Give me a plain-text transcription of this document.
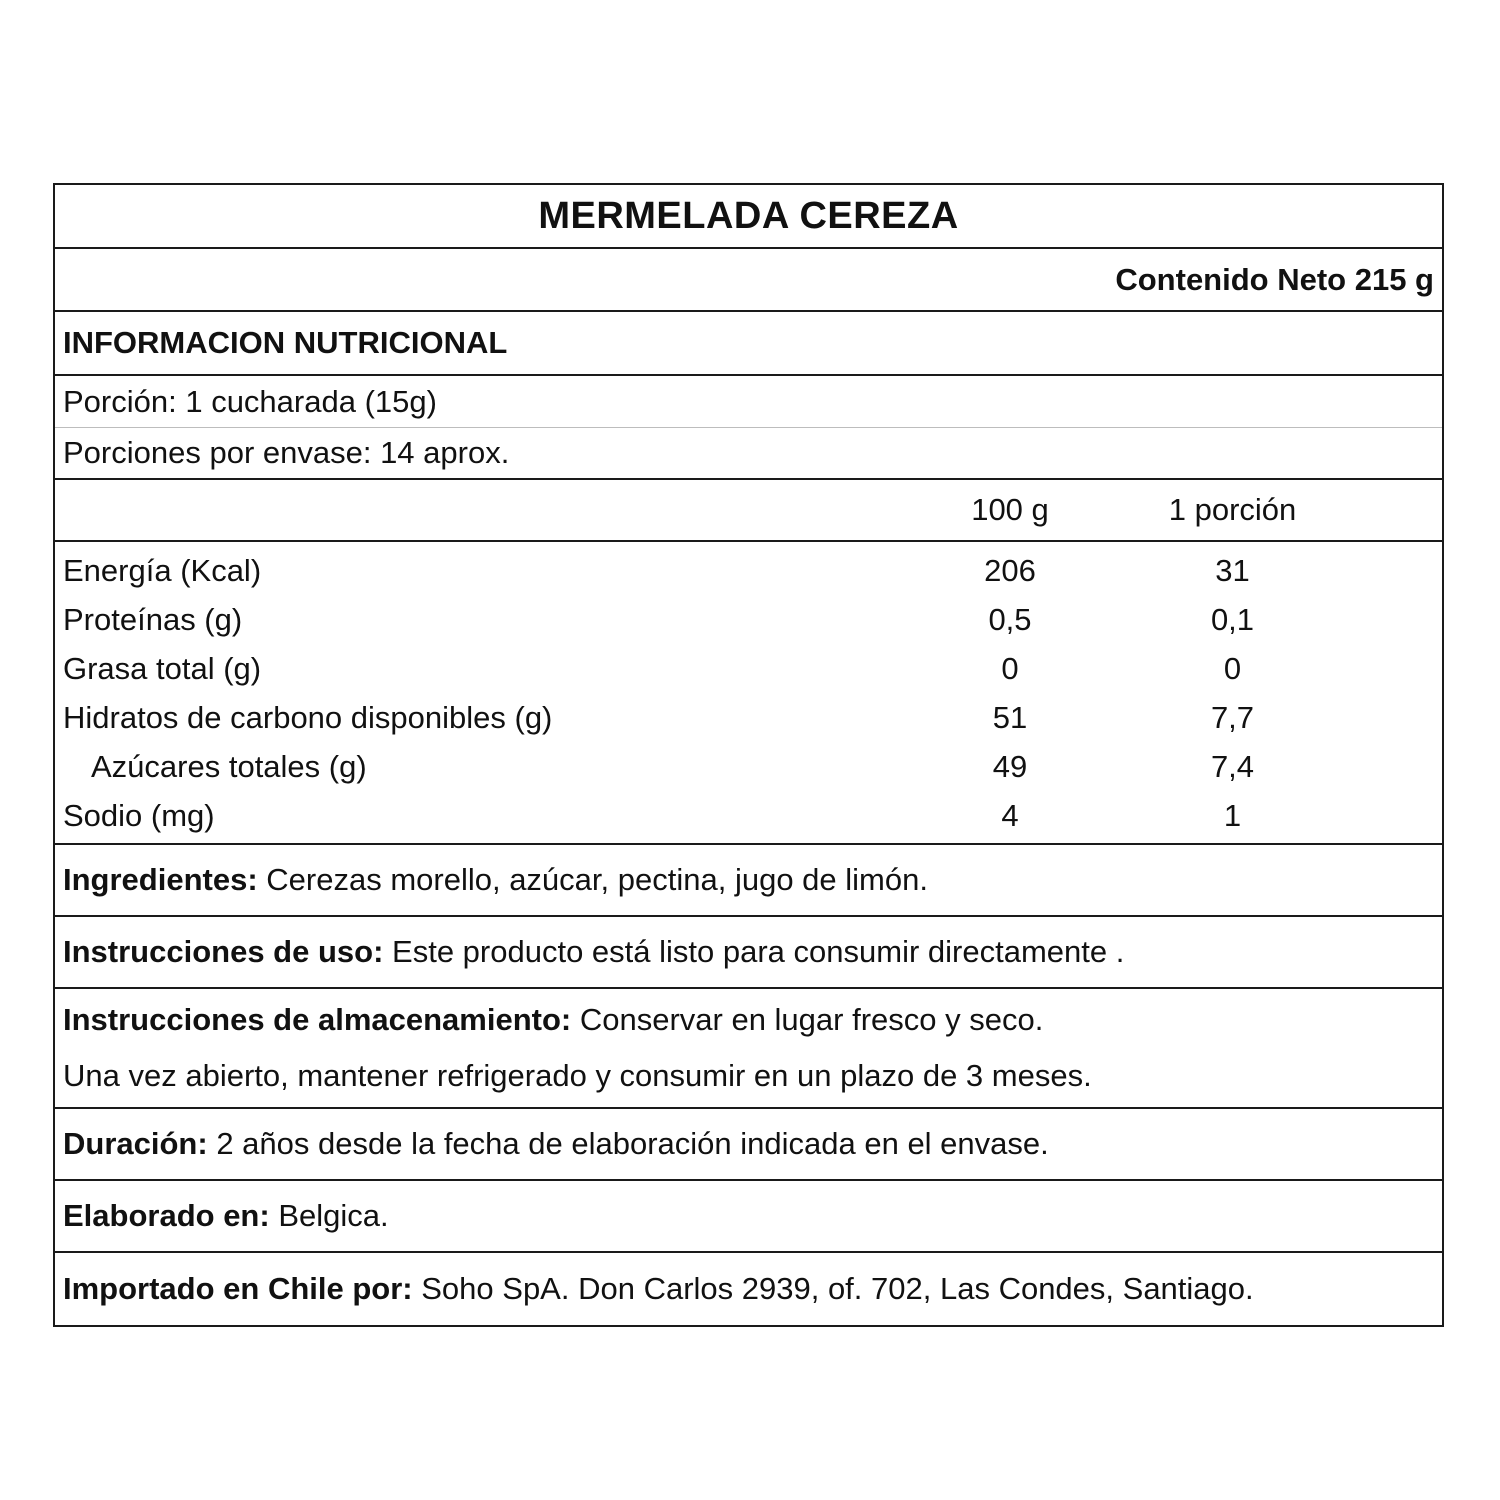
MERMELADA CEREZA
Contenido Neto 215 g
INFORMACION NUTRICIONAL
Porción: 1 cucharada (15g)
Porciones por envase: 14 aprox.
100 g	1 porción
Energía (Kcal)	206	31
Proteínas (g)	0,5	0,1
Grasa total (g)	0	0
Hidratos de carbono disponibles (g)	51	7,7
Azúcares totales (g)	49	7,4
Sodio (mg)	4	1
Ingredientes:
Cerezas morello, azúcar, pectina, jugo de limón.
Instrucciones de uso:
Este producto está listo para consumir directamente .
Instrucciones de almacenamiento:
Conservar en lugar fresco y seco.
Una vez abierto, mantener refrigerado y consumir en un plazo de 3 meses.
Duración:
2 años desde la fecha de elaboración indicada en el envase.
Elaborado en:
Belgica.
Importado en Chile por:
Soho SpA. Don Carlos 2939, of. 702, Las Condes, Santiago.
